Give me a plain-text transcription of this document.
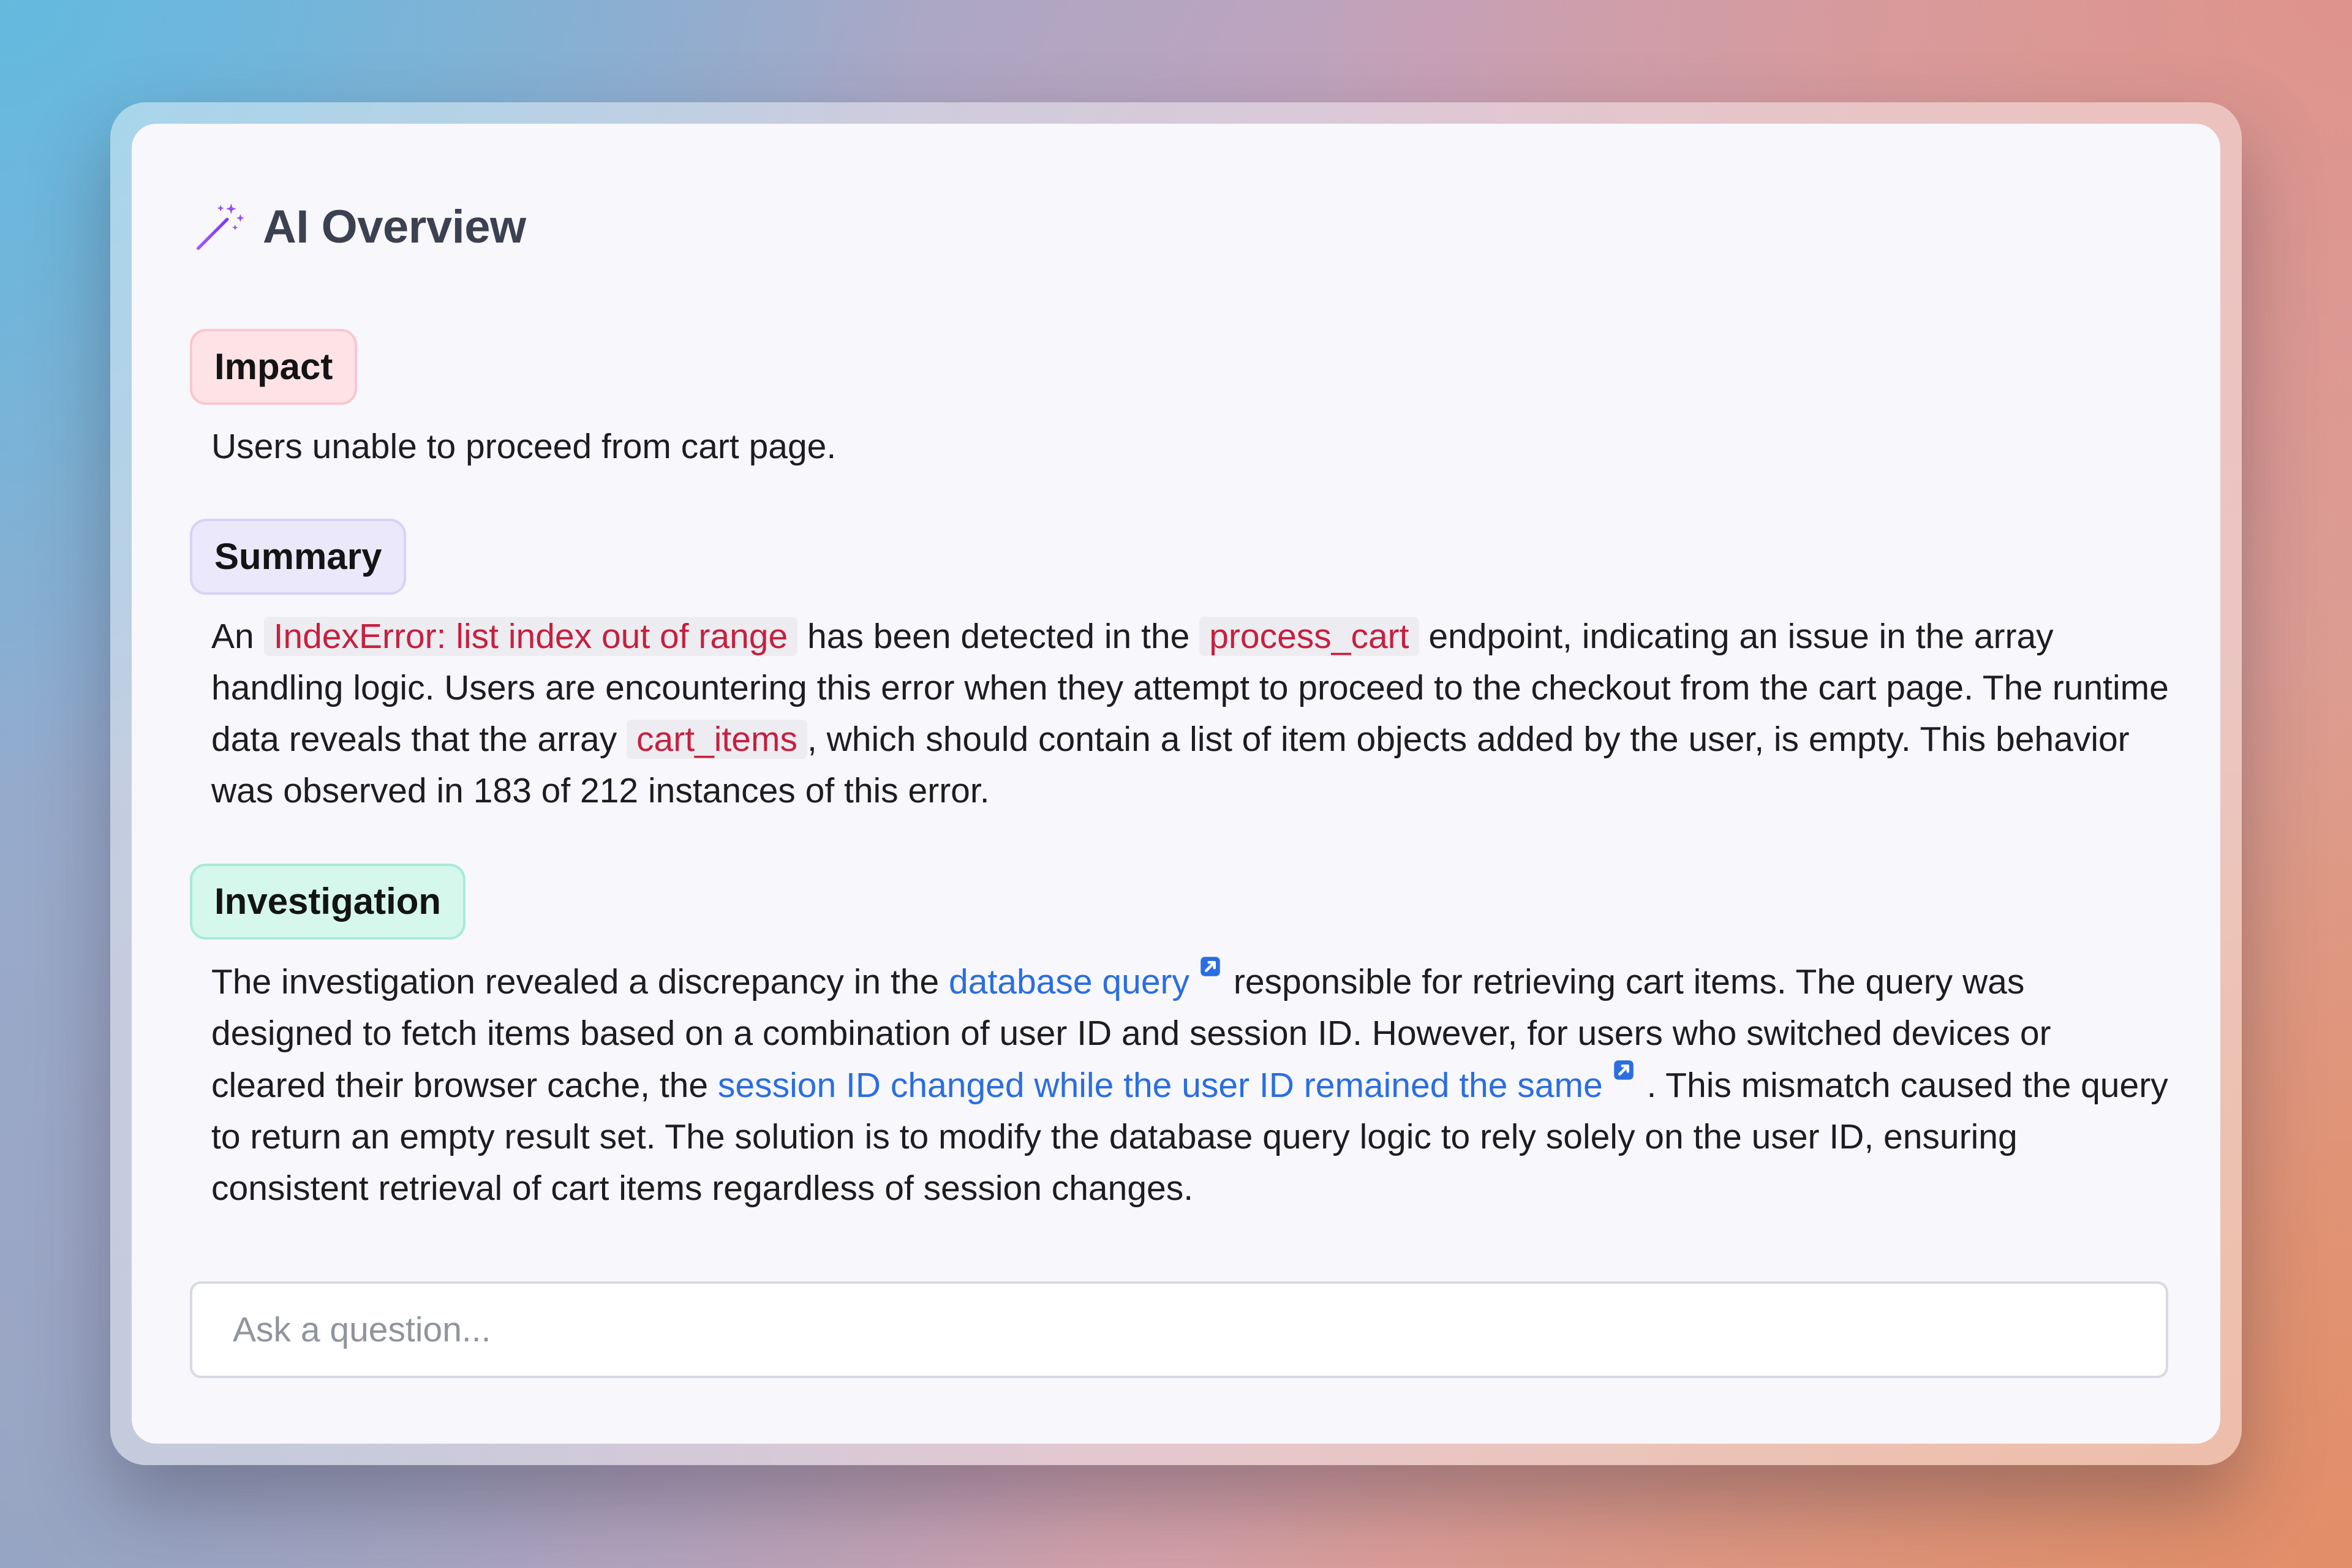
AI Overview
Impact
Users unable to proceed from cart page.
Summary
An IndexError: list index out of range has been detected in the process_cart endpoint, indicating an issue in the array handling logic. Users are encountering this error when they attempt to proceed to the checkout from the cart page. The runtime data reveals that the array cart_items , which should contain a list of item objects added by the user, is empty. This behavior was observed in 183 of 212 instances of this error.
Investigation
The investigation revealed a discrepancy in the database query responsible for retrieving cart items. The query was designed to fetch items based on a combination of user ID and session ID. However, for users who switched devices or cleared their browser cache, the session ID changed while the user ID remained the same . This mismatch caused the query to return an empty result set. The solution is to modify the database query logic to rely solely on the user ID, ensuring consistent retrieval of cart items regardless of session changes.
Ask a question...
